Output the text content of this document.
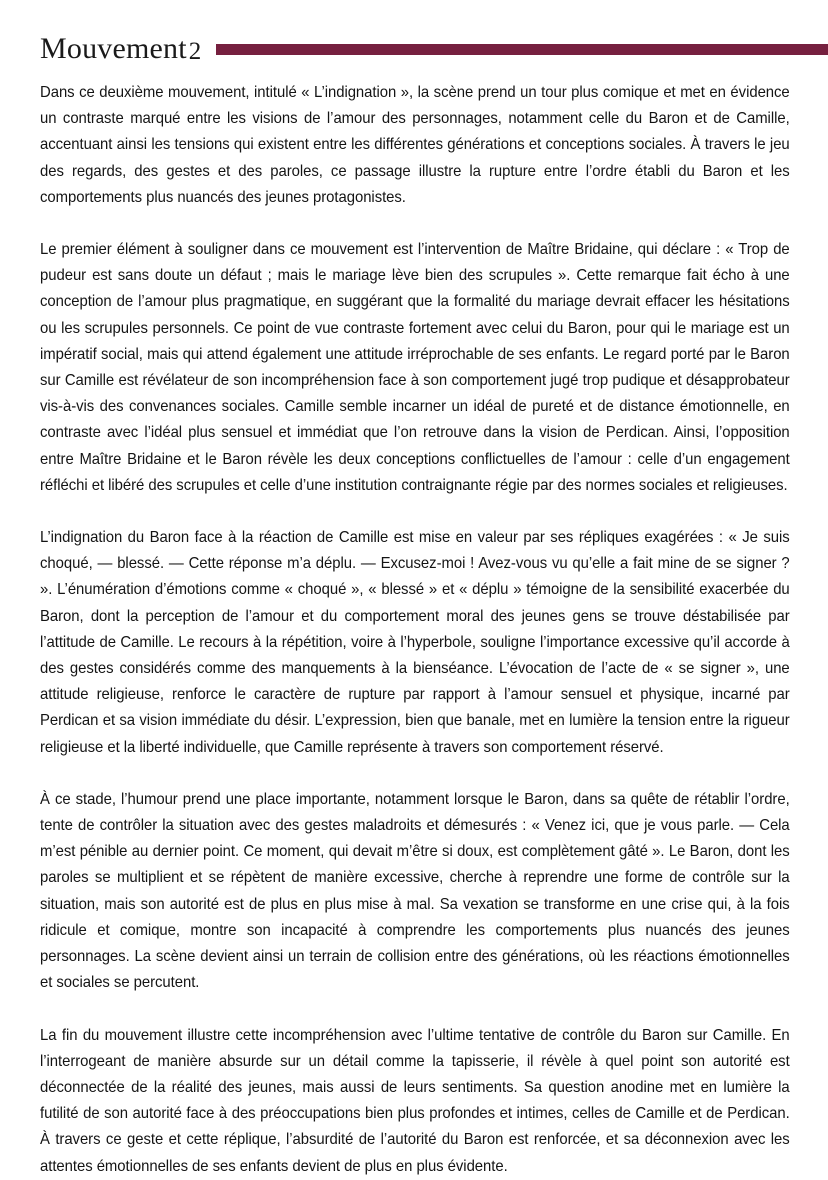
Mouvement2

Dans ce deuxième mouvement, intitulé « L’indignation », la scène prend un tour plus comique et met en évidence un contraste marqué entre les visions de l’amour des personnages, notamment celle du Baron et de Camille, accentuant ainsi les tensions qui existent entre les différentes générations et conceptions sociales. À travers le jeu des regards, des gestes et des paroles, ce passage illustre la rupture entre l’ordre établi du Baron et les comportements plus nuancés des jeunes protagonistes.

Le premier élément à souligner dans ce mouvement est l’intervention de Maître Bridaine, qui déclare : « Trop de pudeur est sans doute un défaut ; mais le mariage lève bien des scrupules ». Cette remarque fait écho à une conception de l’amour plus pragmatique, en suggérant que la formalité du mariage devrait effacer les hésitations ou les scrupules personnels. Ce point de vue contraste fortement avec celui du Baron, pour qui le mariage est un impératif social, mais qui attend également une attitude irréprochable de ses enfants. Le regard porté par le Baron sur Camille est révélateur de son incompréhension face à son comportement jugé trop pudique et désapprobateur vis-à-vis des convenances sociales. Camille semble incarner un idéal de pureté et de distance émotionnelle, en contraste avec l’idéal plus sensuel et immédiat que l’on retrouve dans la vision de Perdican. Ainsi, l’opposition entre Maître Bridaine et le Baron révèle les deux conceptions conflictuelles de l’amour : celle d’un engagement réfléchi et libéré des scrupules et celle d’une institution contraignante régie par des normes sociales et religieuses.

L’indignation du Baron face à la réaction de Camille est mise en valeur par ses répliques exagérées : « Je suis choqué, — blessé. — Cette réponse m’a déplu. — Excusez-moi ! Avez-vous vu qu’elle a fait mine de se signer ? ». L’énumération d’émotions comme « choqué », « blessé » et « déplu » témoigne de la sensibilité exacerbée du Baron, dont la perception de l’amour et du comportement moral des jeunes gens se trouve déstabilisée par l’attitude de Camille. Le recours à la répétition, voire à l’hyperbole, souligne l’importance excessive qu’il accorde à des gestes considérés comme des manquements à la bienséance. L’évocation de l’acte de « se signer », une attitude religieuse, renforce le caractère de rupture par rapport à l’amour sensuel et physique, incarné par Perdican et sa vision immédiate du désir. L’expression, bien que banale, met en lumière la tension entre la rigueur religieuse et la liberté individuelle, que Camille représente à travers son comportement réservé.

À ce stade, l’humour prend une place importante, notamment lorsque le Baron, dans sa quête de rétablir l’ordre, tente de contrôler la situation avec des gestes maladroits et démesurés : « Venez ici, que je vous parle. — Cela m’est pénible au dernier point. Ce moment, qui devait m’être si doux, est complètement gâté ». Le Baron, dont les paroles se multiplient et se répètent de manière excessive, cherche à reprendre une forme de contrôle sur la situation, mais son autorité est de plus en plus mise à mal. Sa vexation se transforme en une crise qui, à la fois ridicule et comique, montre son incapacité à comprendre les comportements plus nuancés des jeunes personnages. La scène devient ainsi un terrain de collision entre des générations, où les réactions émotionnelles et sociales se percutent.

La fin du mouvement illustre cette incompréhension avec l’ultime tentative de contrôle du Baron sur Camille. En l’interrogeant de manière absurde sur un détail comme la tapisserie, il révèle à quel point son autorité est déconnectée de la réalité des jeunes, mais aussi de leurs sentiments. Sa question anodine met en lumière la futilité de son autorité face à des préoccupations bien plus profondes et intimes, celles de Camille et de Perdican. À travers ce geste et cette réplique, l’absurdité de l’autorité du Baron est renforcée, et sa déconnexion avec les attentes émotionnelles de ses enfants devient de plus en plus évidente.
